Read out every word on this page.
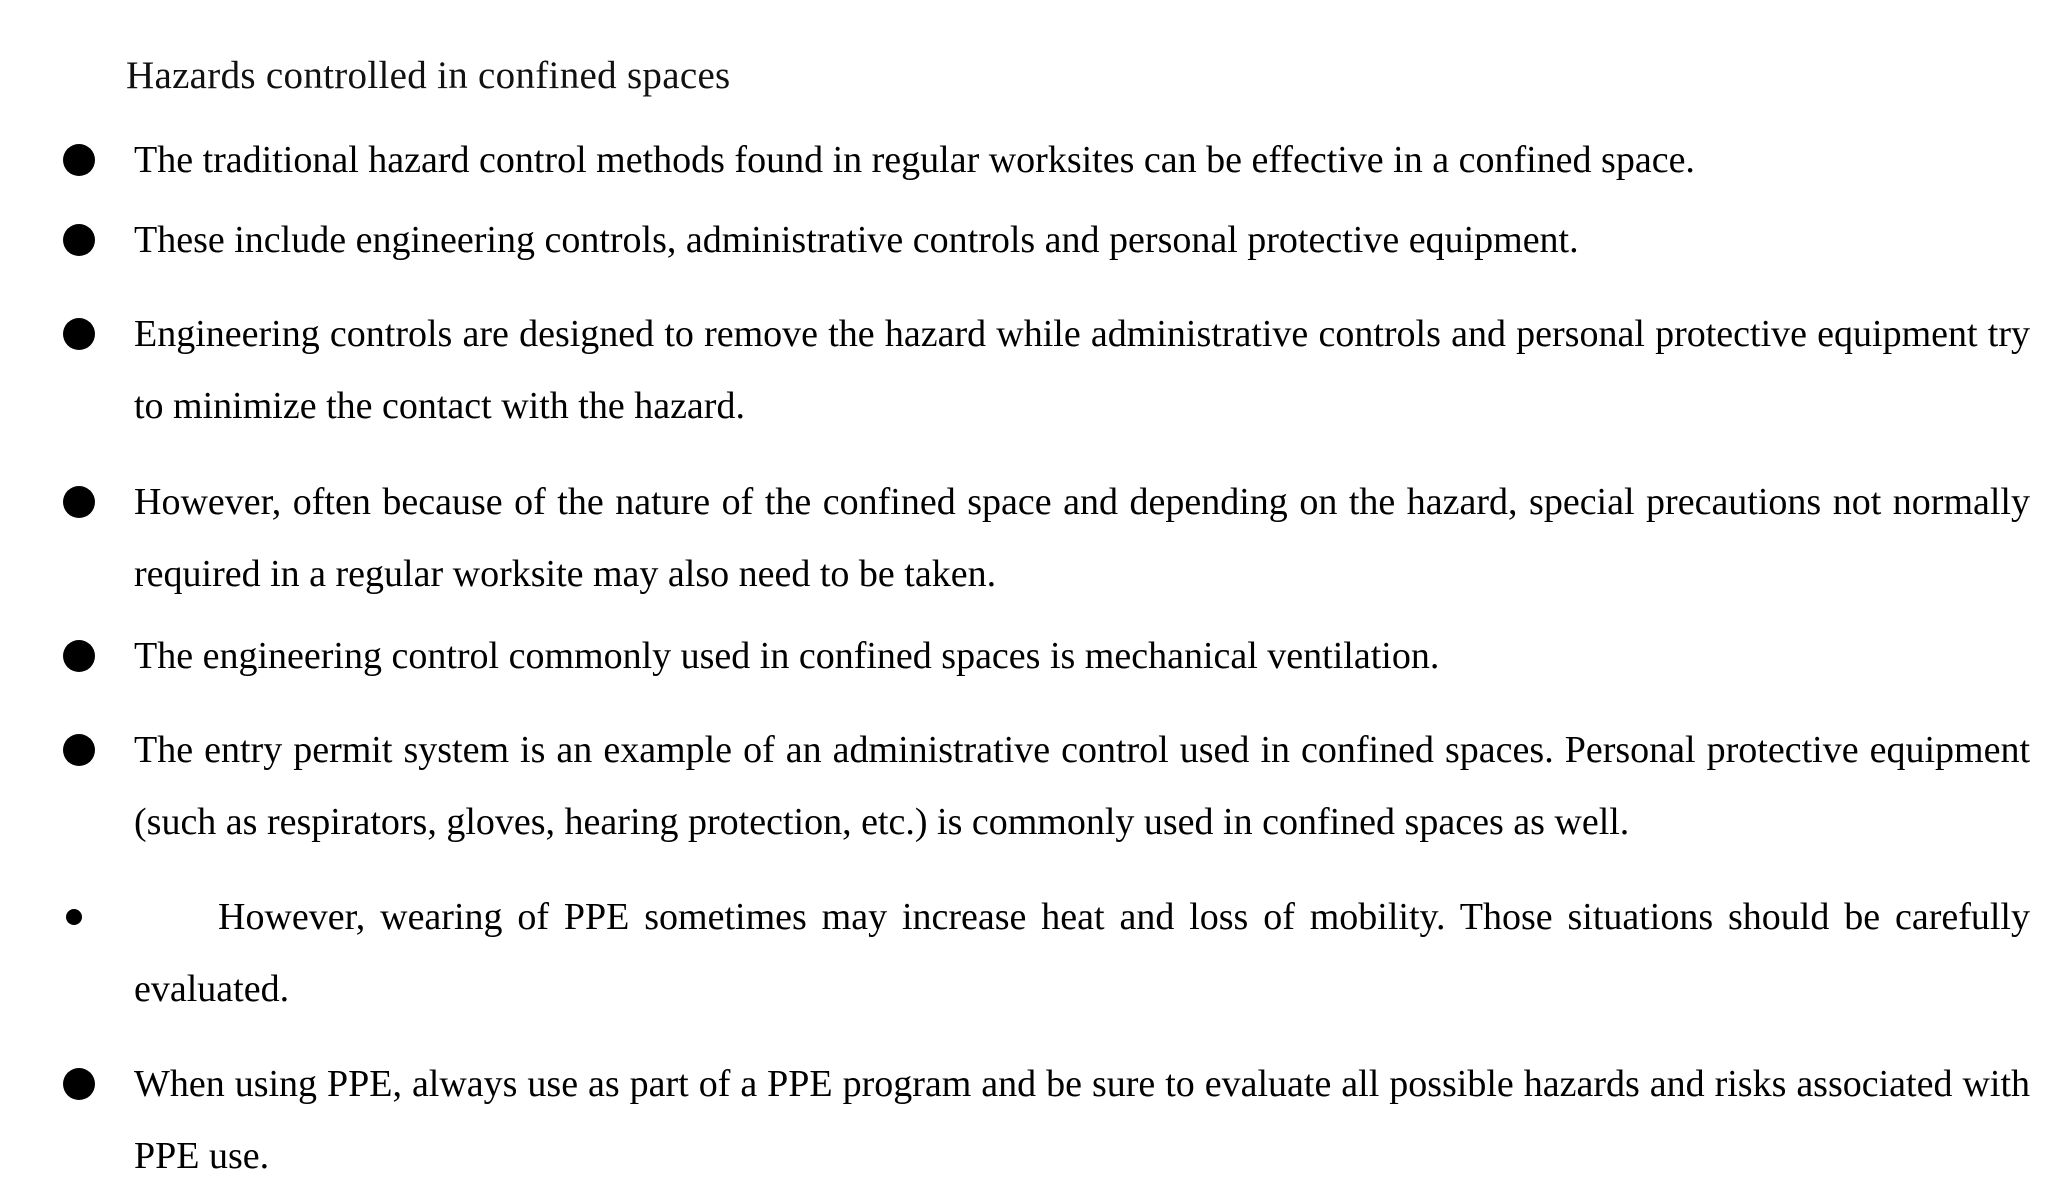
Hazards controlled in confined spaces
The traditional hazard control methods found in regular worksites can be effective in a confined space.
These include engineering controls, administrative controls and personal protective equipment.
Engineering controls are designed to remove the hazard while administrative controls and personal protective equipment try to minimize the contact with the hazard.
However, often because of the nature of the confined space and depending on the hazard, special precautions not normally required in a regular worksite may also need to be taken.
The engineering control commonly used in confined spaces is mechanical ventilation.
The entry permit system is an example of an administrative control used in confined spaces. Personal protective equipment (such as respirators, gloves, hearing protection, etc.) is commonly used in confined spaces as well.
However, wearing of PPE sometimes may increase heat and loss of mobility. Those situations should be carefully evaluated.
When using PPE, always use as part of a PPE program and be sure to evaluate all possible hazards and risks associated with PPE use.
